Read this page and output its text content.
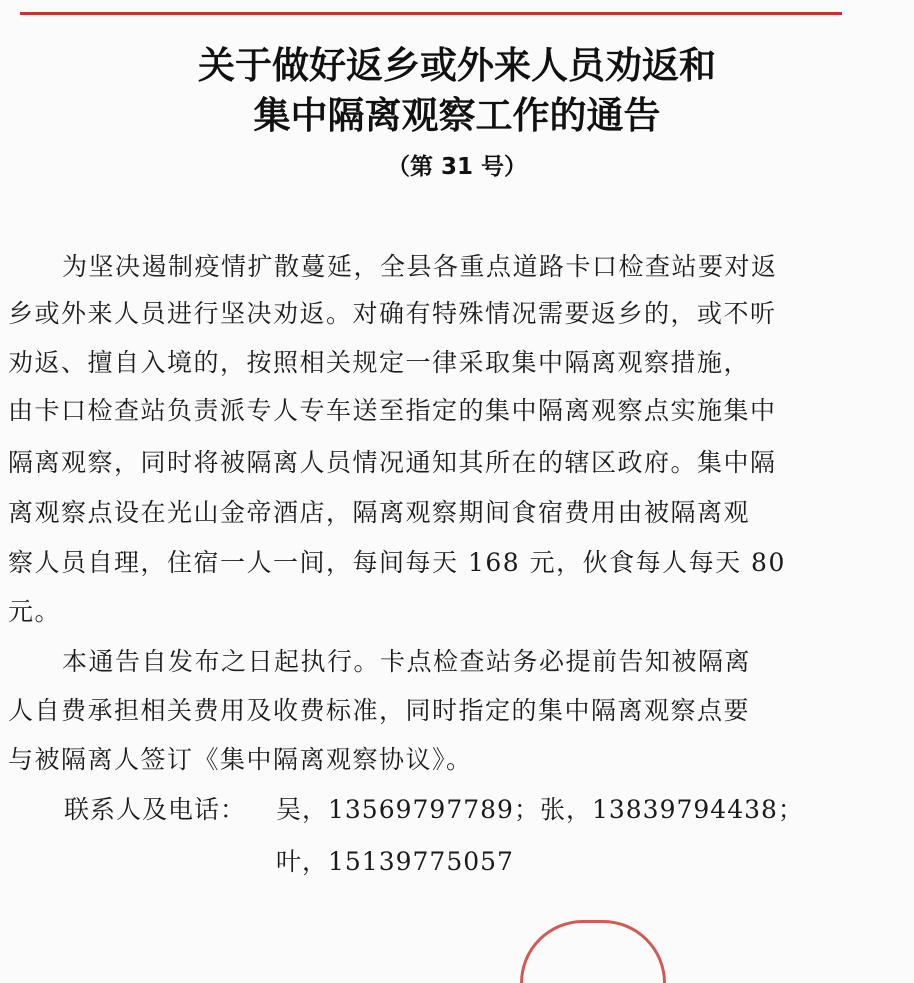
关于做好返乡或外来人员劝返和
集中隔离观察工作的通告
（第 31 号）
为坚决遏制疫情扩散蔓延，全县各重点道路卡口检查站要对返
乡或外来人员进行坚决劝返。对确有特殊情况需要返乡的，或不听
劝返、擅自入境的，按照相关规定一律采取集中隔离观察措施，
由卡口检查站负责派专人专车送至指定的集中隔离观察点实施集中
隔离观察，同时将被隔离人员情况通知其所在的辖区政府。集中隔
离观察点设在光山金帝酒店，隔离观察期间食宿费用由被隔离观
察人员自理，住宿一人一间，每间每天 168 元，伙食每人每天 80
元。
本通告自发布之日起执行。卡点检查站务必提前告知被隔离
人自费承担相关费用及收费标准，同时指定的集中隔离观察点要
与被隔离人签订《集中隔离观察协议》。
联系人及电话： 吴，13569797789；张，13839794438；
叶，15139775057
